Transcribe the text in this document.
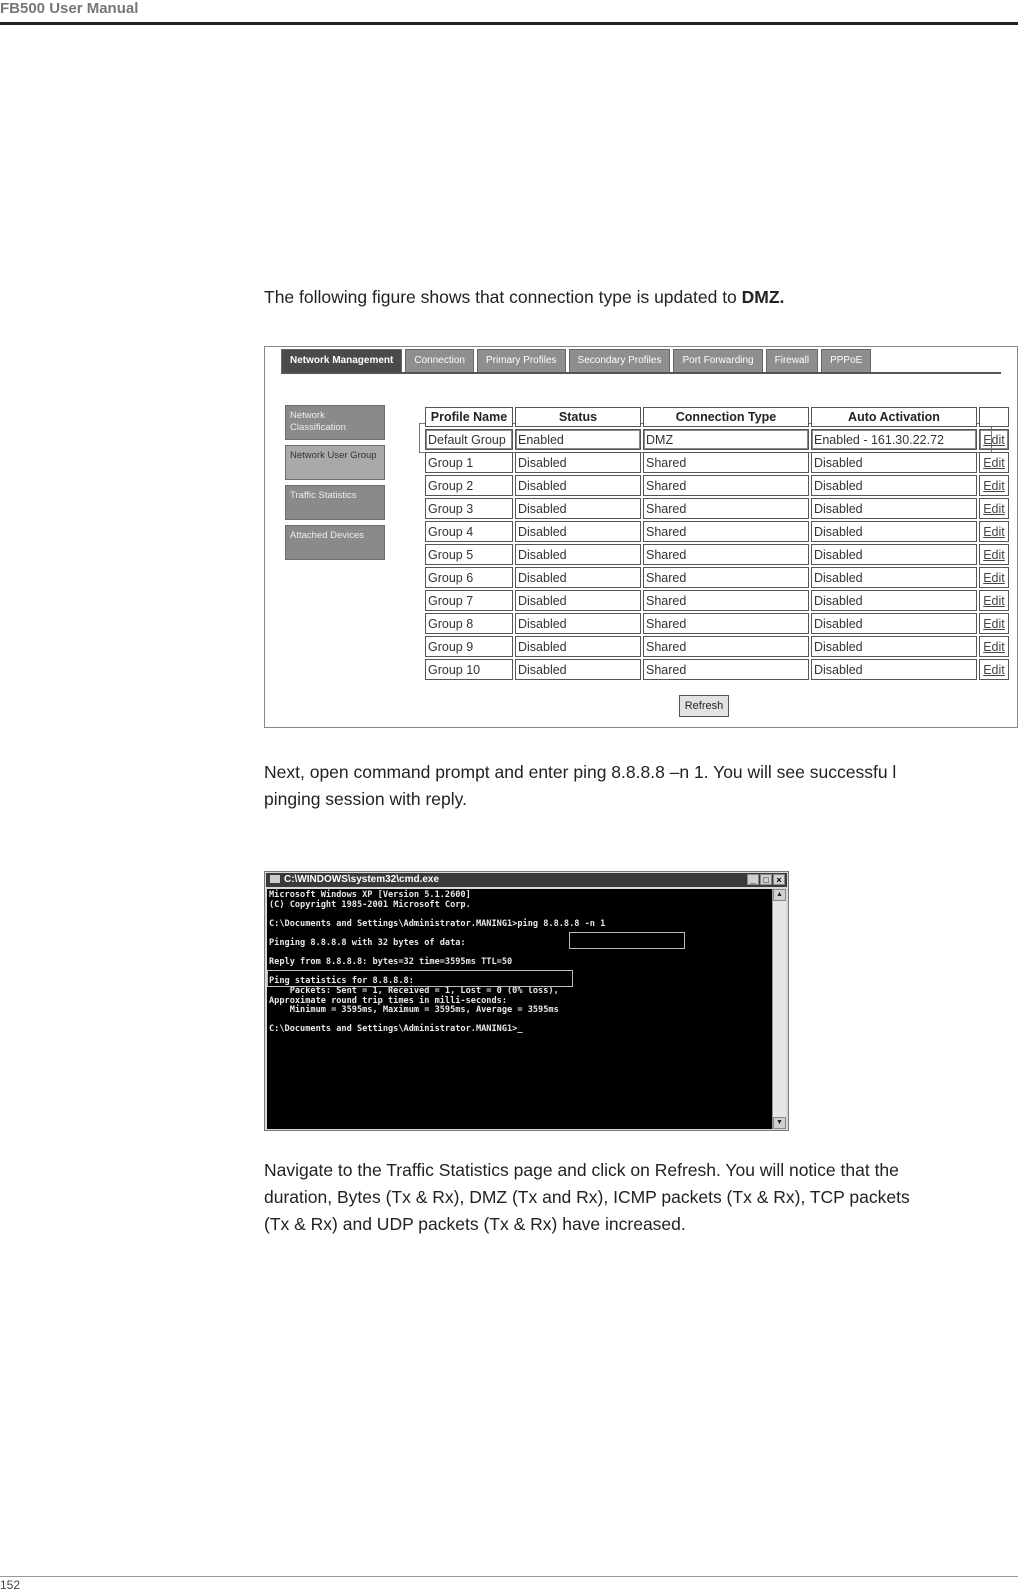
FB500 User Manual
The following figure shows that connection type is updated to DMZ.
Network Management	Connection	Primary Profiles	Secondary Profiles	Port Forwarding	Firewall	PPPoE
Network Classification
Network User Group
Traffic Statistics
Attached Devices
Profile Name	Status	Connection Type	Auto Activation	
Default Group	Enabled	DMZ	Enabled - 161.30.22.72	Edit
Group 1	Disabled	Shared	Disabled	Edit
Group 2	Disabled	Shared	Disabled	Edit
Group 3	Disabled	Shared	Disabled	Edit
Group 4	Disabled	Shared	Disabled	Edit
Group 5	Disabled	Shared	Disabled	Edit
Group 6	Disabled	Shared	Disabled	Edit
Group 7	Disabled	Shared	Disabled	Edit
Group 8	Disabled	Shared	Disabled	Edit
Group 9	Disabled	Shared	Disabled	Edit
Group 10	Disabled	Shared	Disabled	Edit
Refresh
Next, open command prompt and enter ping 8.8.8.8 –n 1. You will see successfu l
pinging session with reply.
C:\WINDOWS\system32\cmd.exe	_ □ ×
Microsoft Windows XP [Version 5.1.2600]
(C) Copyright 1985-2001 Microsoft Corp.
C:\Documents and Settings\Administrator.MANING1>ping 8.8.8.8 -n 1
Pinging 8.8.8.8 with 32 bytes of data:
Reply from 8.8.8.8: bytes=32 time=3595ms TTL=50
Ping statistics for 8.8.8.8:
Packets: Sent = 1, Received = 1, Lost = 0 (0% loss),
Approximate round trip times in milli-seconds:
Minimum = 3595ms, Maximum = 3595ms, Average = 3595ms
C:\Documents and Settings\Administrator.MANING1>_
▲
▼
Navigate to the Traffic Statistics page and click on Refresh. You will notice that the
duration, Bytes (Tx & Rx), DMZ (Tx and Rx), ICMP packets (Tx & Rx), TCP packets
(Tx & Rx) and UDP packets (Tx & Rx) have increased.
152
